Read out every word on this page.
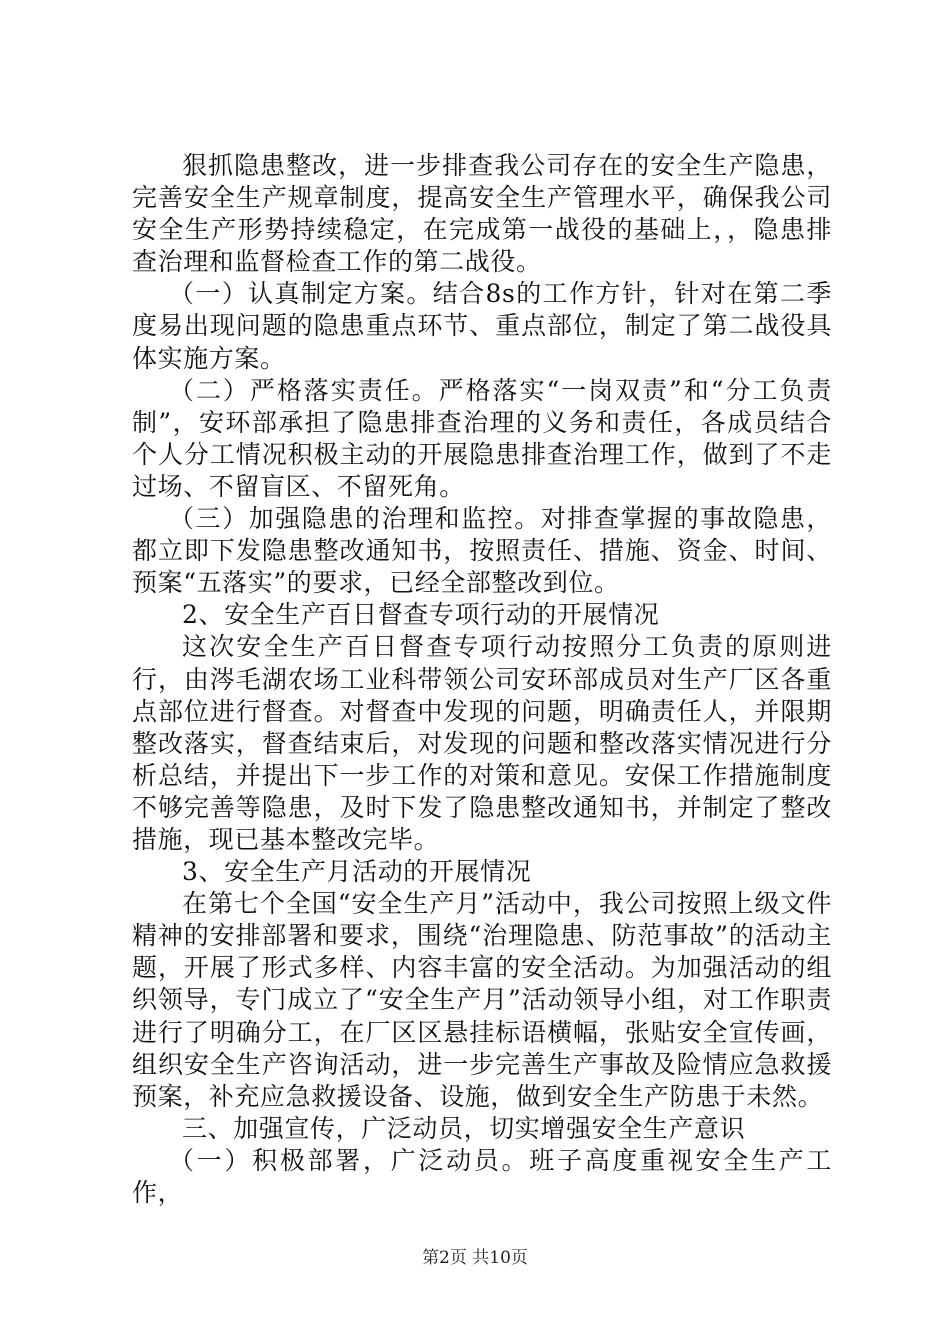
狠抓隐患整改，进一步排查我公司存在的安全生产隐患，完善安全生产规章制度，提高安全生产管理水平，确保我公司安全生产形势持续稳定，在完成第一战役的基础上，，隐患排查治理和监督检查工作的第二战役。

（一）认真制定方案。结合8s的工作方针，针对在第二季度易出现问题的隐患重点环节、重点部位，制定了第二战役具体实施方案。

（二）严格落实责任。严格落实“一岗双责”和“分工负责制”，安环部承担了隐患排查治理的义务和责任，各成员结合个人分工情况积极主动的开展隐患排查治理工作，做到了不走过场、不留盲区、不留死角。

（三）加强隐患的治理和监控。对排查掌握的事故隐患，都立即下发隐患整改通知书，按照责任、措施、资金、时间、预案“五落实”的要求，已经全部整改到位。

2、安全生产百日督查专项行动的开展情况

这次安全生产百日督查专项行动按照分工负责的原则进行，由涔毛湖农场工业科带领公司安环部成员对生产厂区各重点部位进行督查。对督查中发现的问题，明确责任人，并限期整改落实，督查结束后，对发现的问题和整改落实情况进行分析总结，并提出下一步工作的对策和意见。安保工作措施制度不够完善等隐患，及时下发了隐患整改通知书，并制定了整改措施，现已基本整改完毕。

3、安全生产月活动的开展情况

在第七个全国“安全生产月”活动中，我公司按照上级文件精神的安排部署和要求，围绕“治理隐患、防范事故”的活动主题，开展了形式多样、内容丰富的安全活动。为加强活动的组织领导，专门成立了“安全生产月”活动领导小组，对工作职责进行了明确分工，在厂区区悬挂标语横幅，张贴安全宣传画，组织安全生产咨询活动，进一步完善生产事故及险情应急救援预案，补充应急救援设备、设施，做到安全生产防患于未然。

三、加强宣传，广泛动员，切实增强安全生产意识

（一）积极部署，广泛动员。班子高度重视安全生产工作，

第2页 共10页
